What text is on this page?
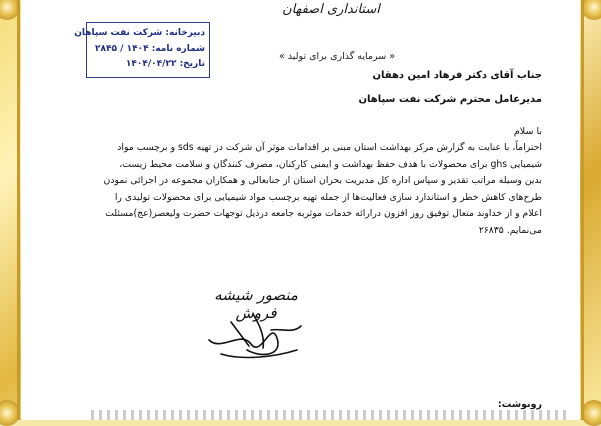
استانداری اصفهان
دبیرخانه: شرکت نفت سپاهان
شماره نامه: ۱۴۰۴ / ۲۸۴۵
تاریخ: ۱۴۰۴/۰۴/۲۲
« سرمایه گذاری برای تولید »
جناب آقای دکتر فرهاد امین دهقان
مدیرعامل محترم شرکت نفت سپاهان
با سلام
احتراماً، با عنایت به گزارش مرکز بهداشت استان مبنی بر اقدامات موثر آن شرکت در تهیه sds و برچسب مواد
شیمیایی ghs برای محصولات با هدف حفظ بهداشت و ایمنی کارکنان، مصرف کنندگان و سلامت محیط زیست،
بدین وسیله مراتب تقدیر و سپاس اداره کل مدیریت بحران استان از جنابعالی و همکاران مجموعه در اجرائی نمودن
طرح‌های کاهش خطر و استاندارد سازی فعالیت‌ها از جمله تهیه برچسب مواد شیمیایی برای محصولات تولیدی را
اعلام و از خداوند متعال توفیق روز افزون درارائه خدمات موثربه جامعه درذیل توجهات حضرت ولیعصر(عج)مسئلت
می‌نمایم. ۲۶۸۳۵
منصور شیشه فروش
رونوشت:
